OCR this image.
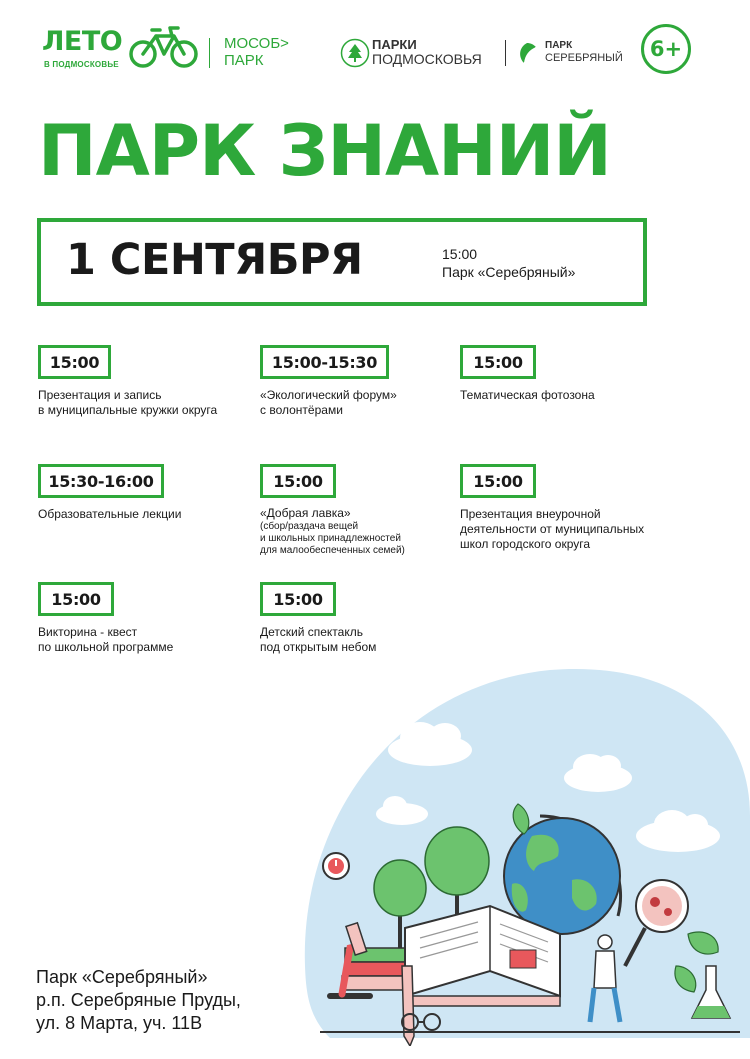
ЛЕТО
В ПОДМОСКОВЬЕ
МОСОБ>
ПАРК
ПАРКИ
ПОДМОСКОВЬЯ
ПАРК
СЕРЕБРЯНЫЙ	6+
ПАРК ЗНАНИЙ
1 СЕНТЯБРЯ	15:00
Парк «Серебряный»
15:00
Презентация и запись
в муниципальные кружки округа
15:00-15:30
«Экологический форум»
с волонтёрами
15:00
Тематическая фотозона
15:30-16:00
Образовательные лекции
15:00
«Добрая лавка»
(сбор/раздача вещей
и школьных принадлежностей
для малообеспеченных семей)
15:00
Презентация внеурочной
деятельности от муниципальных
школ городского округа
15:00
Викторина - квест
по школьной программе
15:00
Детский спектакль
под открытым небом
Парк «Серебряный»
р.п. Серебряные Пруды,
ул. 8 Марта, уч. 11В
